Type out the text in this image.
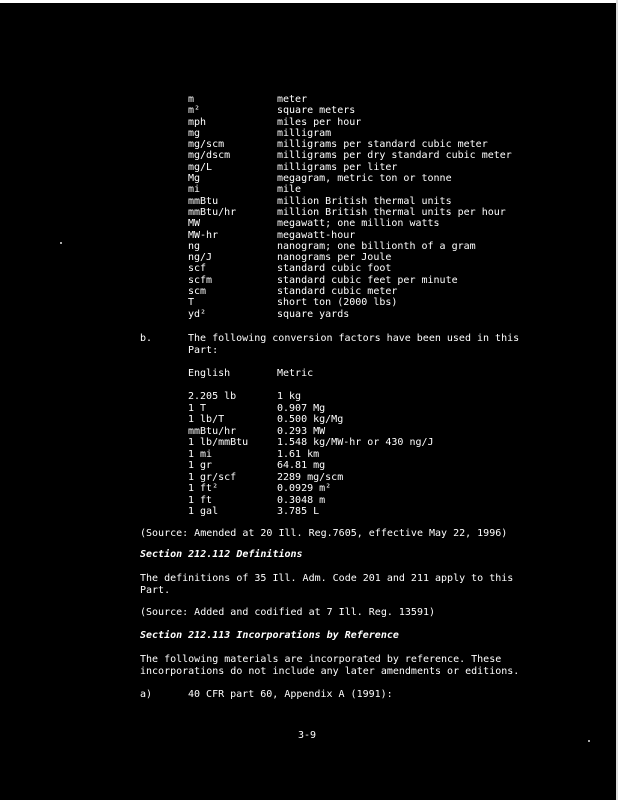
m	meter
m²	square meters
mph	miles per hour
mg	milligram
mg/scm	milligrams per standard cubic meter
mg/dscm	milligrams per dry standard cubic meter
mg/L	milligrams per liter
Mg	megagram, metric ton or tonne
mi	mile
mmBtu	million British thermal units
mmBtu/hr	million British thermal units per hour
MW	megawatt; one million watts
MW-hr	megawatt-hour
ng	nanogram; one billionth of a gram
ng/J	nanograms per Joule
scf	standard cubic foot
scfm	standard cubic feet per minute
scm	standard cubic meter
T	short ton (2000 lbs)
yd²	square yards
b.	The following conversion factors have been used in this Part:
English	Metric
2.205 lb	1 kg
1 T	0.907 Mg
1 lb/T	0.500 kg/Mg
mmBtu/hr	0.293 MW
1 lb/mmBtu	1.548 kg/MW-hr or 430 ng/J
1 mi	1.61 km
1 gr	64.81 mg
1 gr/scf	2289 mg/scm
1 ft²	0.0929 m²
1 ft	0.3048 m
1 gal	3.785 L
(Source: Amended at 20 Ill. Reg.7605, effective May 22, 1996)
Section 212.112 Definitions
The definitions of 35 Ill. Adm. Code 201 and 211 apply to this Part.
(Source: Added and codified at 7 Ill. Reg. 13591)
Section 212.113 Incorporations by Reference
The following materials are incorporated by reference. These incorporations do not include any later amendments or editions.
a)	40 CFR part 60, Appendix A (1991):
3-9
